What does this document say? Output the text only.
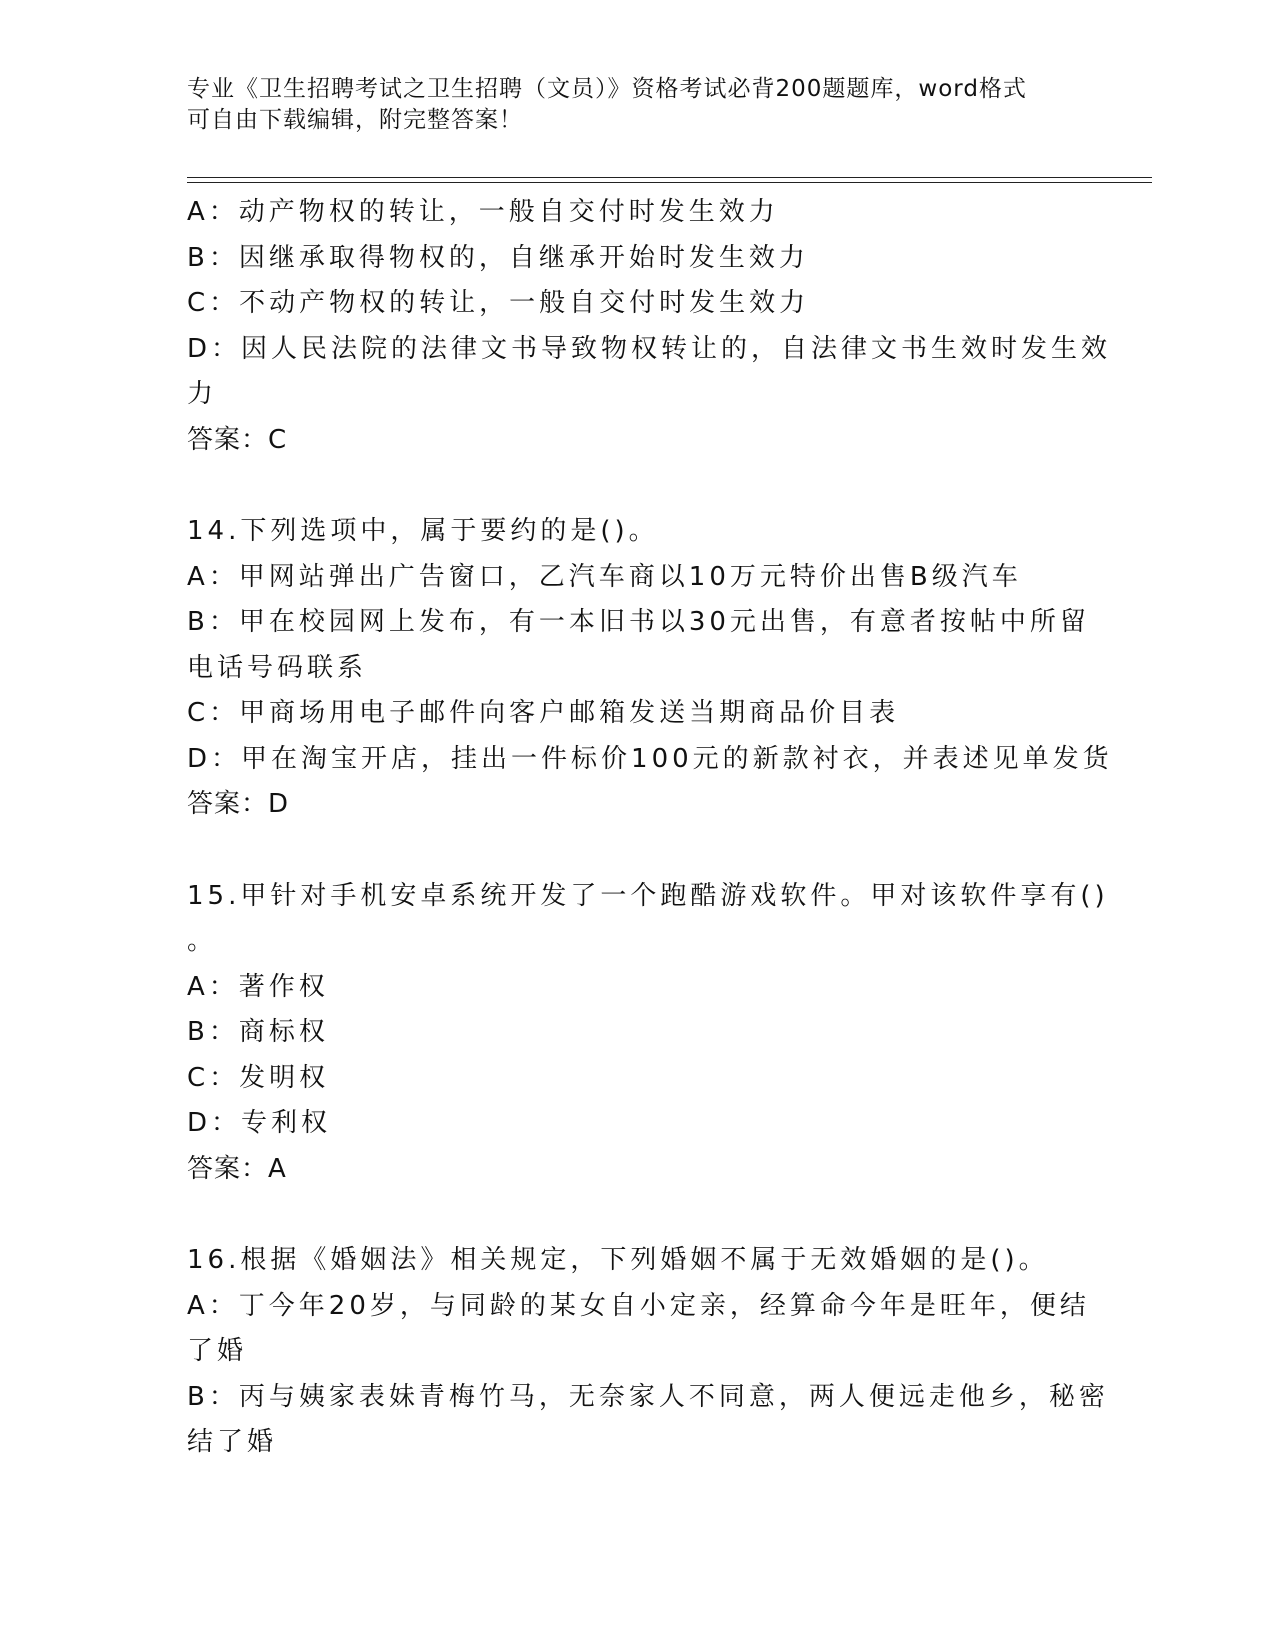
专业《卫生招聘考试之卫生招聘（文员）》资格考试必背200题题库，word格式
可自由下载编辑，附完整答案！
A：动产物权的转让，一般自交付时发生效力
B：因继承取得物权的，自继承开始时发生效力
C：不动产物权的转让，一般自交付时发生效力
D：因人民法院的法律文书导致物权转让的，自法律文书生效时发生效
力
答案：C
14.下列选项中，属于要约的是()。
A：甲网站弹出广告窗口，乙汽车商以10万元特价出售B级汽车
B：甲在校园网上发布，有一本旧书以30元出售，有意者按帖中所留
电话号码联系
C：甲商场用电子邮件向客户邮箱发送当期商品价目表
D：甲在淘宝开店，挂出一件标价100元的新款衬衣，并表述见单发货
答案：D
15.甲针对手机安卓系统开发了一个跑酷游戏软件。甲对该软件享有()
。
A：著作权
B：商标权
C：发明权
D：专利权
答案：A
16.根据《婚姻法》相关规定，下列婚姻不属于无效婚姻的是()。
A：丁今年20岁，与同龄的某女自小定亲，经算命今年是旺年，便结
了婚
B：丙与姨家表妹青梅竹马，无奈家人不同意，两人便远走他乡，秘密
结了婚
